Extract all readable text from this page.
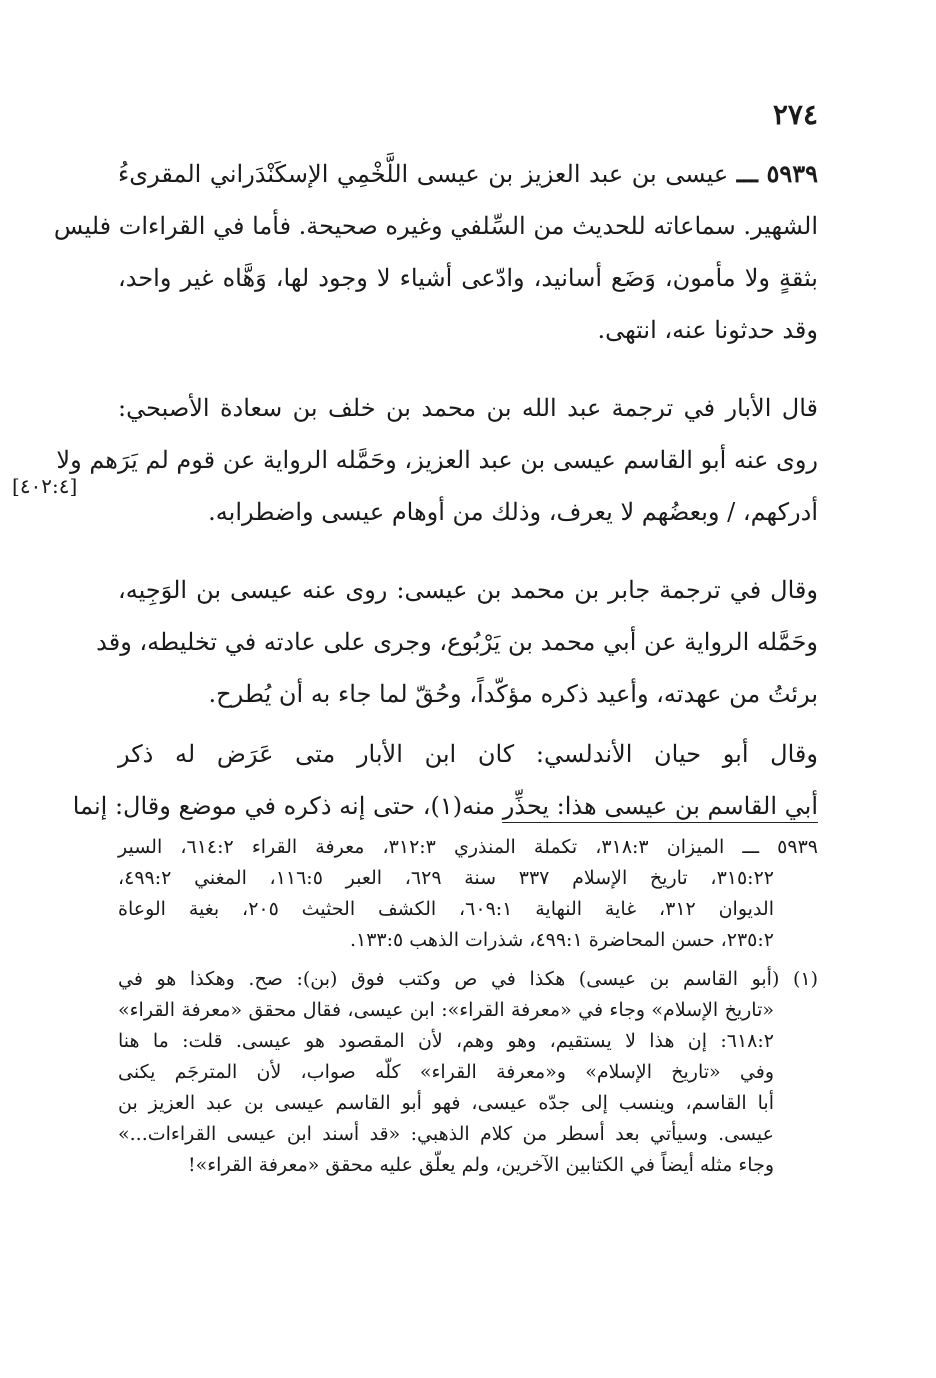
٢٧٤
[٤٠٢:٤]
٥٩٣٩ ـــ عيسى بن عبد العزيز بن عيسى اللَّخْمِي الإسكَنْدَراني المقرىءُ
الشهير. سماعاته للحديث من السِّلفي وغيره صحيحة. فأما في القراءات فليس
بثقةٍ ولا مأمون، وَضَع أسانيد، وادّعى أشياء لا وجود لها، وَهَّاه غير واحد،
وقد حدثونا عنه، انتهى.
قال الأبار في ترجمة عبد الله بن محمد بن خلف بن سعادة الأصبحي:
روى عنه أبو القاسم عيسى بن عبد العزيز، وحَمَّله الرواية عن قوم لم يَرَهم ولا
أدركهم، / وبعضُهم لا يعرف، وذلك من أوهام عيسى واضطرابه.
وقال في ترجمة جابر بن محمد بن عيسى: روى عنه عيسى بن الوَجِيه،
وحَمَّله الرواية عن أبي محمد بن يَرْبُوع، وجرى على عادته في تخليطه، وقد
برئتُ من عهدته، وأعيد ذكره مؤكّداً، وحُقّ لما جاء به أن يُطرح.
وقال أبو حيان الأندلسي: كان ابن الأبار متى عَرَض له ذكر
أبي القاسم بن عيسى هذا: يحذِّر منه(١)، حتى إنه ذكره في موضع وقال: إنما
٥٩٣٩ ـــ الميزان ٣١٨:٣، تكملة المنذري ٣١٢:٣، معرفة القراء ٦١٤:٢، السير
٣١٥:٢٢، تاريخ الإسلام ٣٣٧ سنة ٦٢٩، العبر ١١٦:٥، المغني ٤٩٩:٢،
الديوان ٣١٢، غاية النهاية ٦٠٩:١، الكشف الحثيث ٢٠٥، بغية الوعاة
٢٣٥:٢، حسن المحاضرة ٤٩٩:١، شذرات الذهب ١٣٣:٥.
(١) (أبو القاسم بن عيسى) هكذا في ص وكتب فوق (بن): صح. وهكذا هو في
«تاريخ الإسلام» وجاء في «معرفة القراء»: ابن عيسى، فقال محقق «معرفة القراء»
٦١٨:٢: إن هذا لا يستقيم، وهو وهم، لأن المقصود هو عيسى. قلت: ما هنا
وفي «تاريخ الإسلام» و«معرفة القراء» كلّه صواب، لأن المترجَم يكنى
أبا القاسم، وينسب إلى جدّه عيسى، فهو أبو القاسم عيسى بن عبد العزيز بن
عيسى. وسيأتي بعد أسطر من كلام الذهبي: «قد أسند ابن عيسى القراءات...»
وجاء مثله أيضاً في الكتابين الآخرين، ولم يعلّق عليه محقق «معرفة القراء»!
